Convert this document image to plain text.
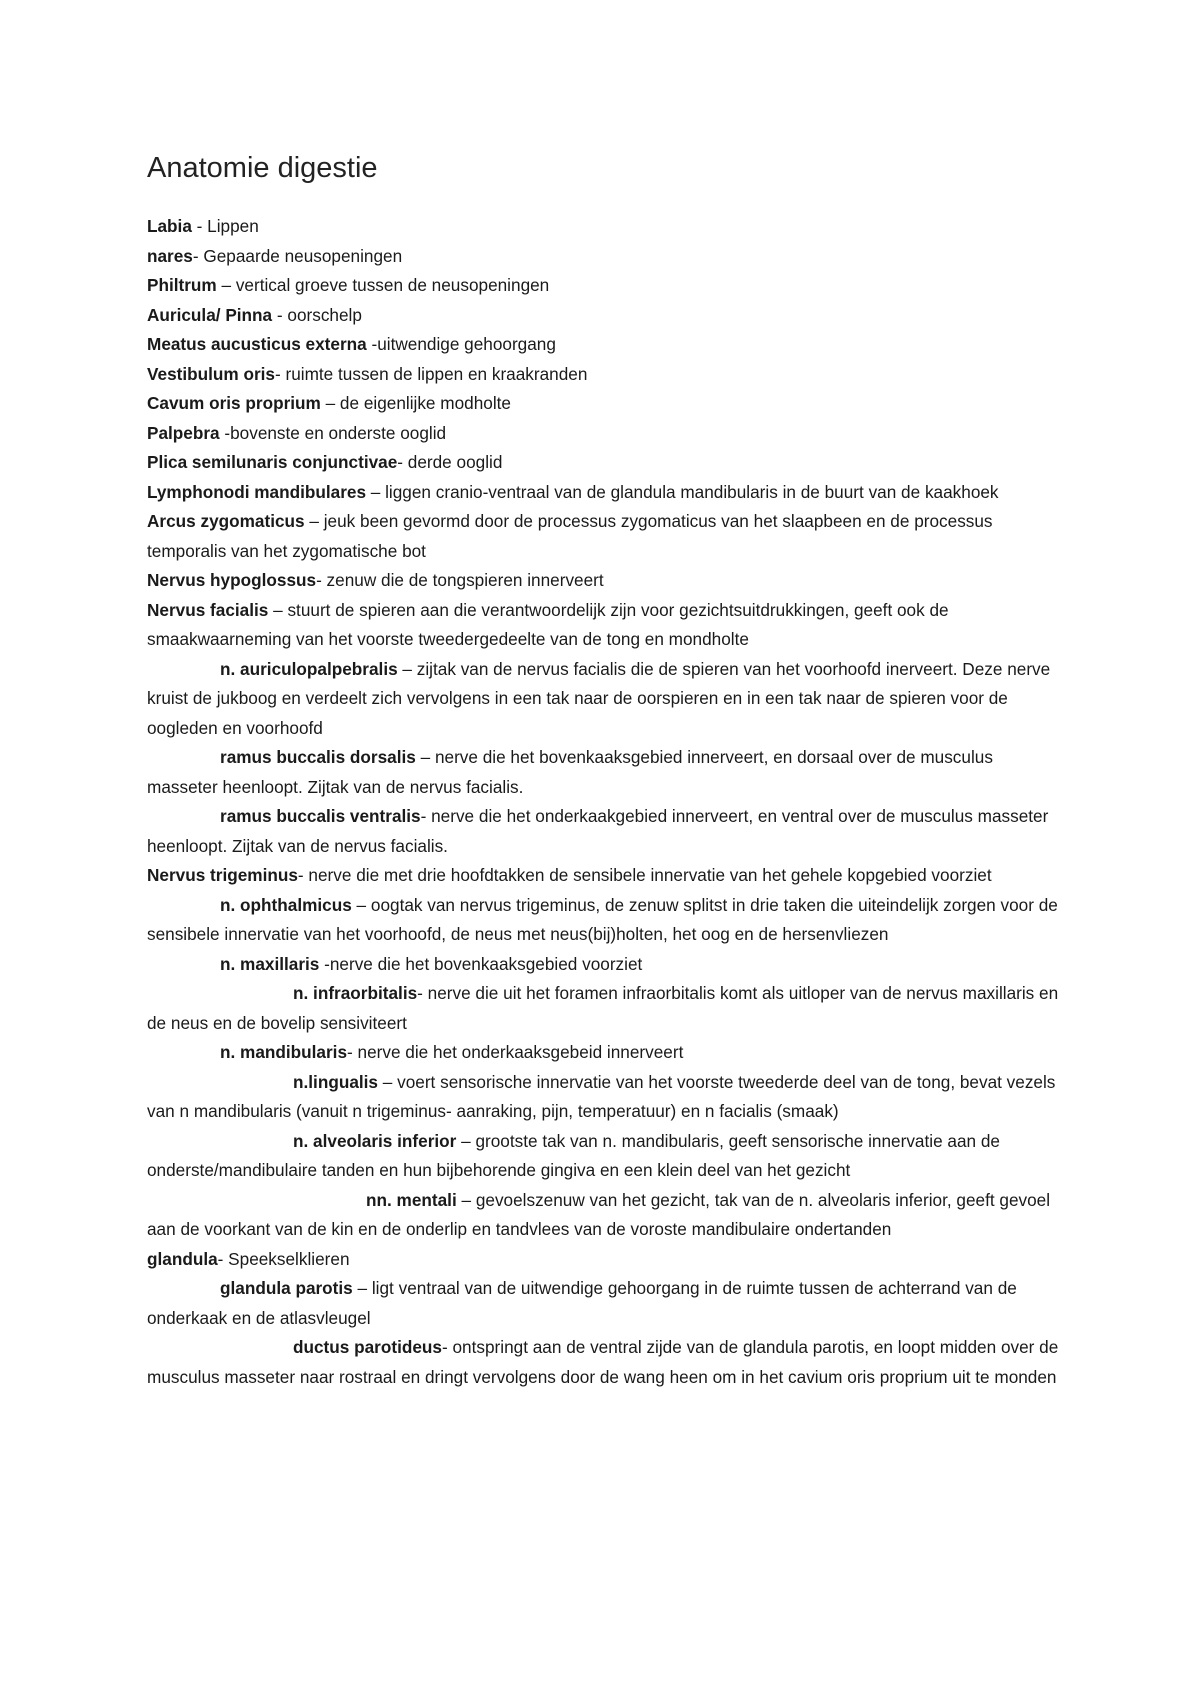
Anatomie digestie

Labia - Lippen

nares- Gepaarde neusopeningen

Philtrum – vertical groeve tussen de neusopeningen

Auricula/ Pinna - oorschelp

Meatus aucusticus externa -uitwendige gehoorgang

Vestibulum oris- ruimte tussen de lippen en kraakranden

Cavum oris proprium – de eigenlijke modholte

Palpebra -bovenste en onderste ooglid

Plica semilunaris conjunctivae- derde ooglid

Lymphonodi mandibulares – liggen cranio-ventraal van de glandula mandibularis in de buurt van de kaakhoek

Arcus zygomaticus – jeuk been gevormd door de processus zygomaticus van het slaapbeen en de processus temporalis van het zygomatische bot

Nervus hypoglossus- zenuw die de tongspieren innerveert

Nervus facialis – stuurt de spieren aan die verantwoordelijk zijn voor gezichtsuitdrukkingen, geeft ook de smaakwaarneming van het voorste tweedergedeelte van de tong en mondholte

n. auriculopalpebralis – zijtak van de nervus facialis die de spieren van het voorhoofd inerveert. Deze nerve kruist de jukboog en verdeelt zich vervolgens in een tak naar de oorspieren en in een tak naar de spieren voor de oogleden en voorhoofd

ramus buccalis dorsalis – nerve die het bovenkaaksgebied innerveert, en dorsaal over de musculus masseter heenloopt. Zijtak van de nervus facialis.

ramus buccalis ventralis- nerve die het onderkaakgebied innerveert, en ventral over de musculus masseter heenloopt. Zijtak van de nervus facialis.

Nervus trigeminus- nerve die met drie hoofdtakken de sensibele innervatie van het gehele kopgebied voorziet

n. ophthalmicus – oogtak van nervus trigeminus, de zenuw splitst in drie taken die uiteindelijk zorgen voor de sensibele innervatie van het voorhoofd, de neus met neus(bij)holten, het oog en de hersenvliezen

n. maxillaris -nerve die het bovenkaaksgebied voorziet

n. infraorbitalis- nerve die uit het foramen infraorbitalis komt als uitloper van de nervus maxillaris en de neus en de bovelip sensiviteert

n. mandibularis- nerve die het onderkaaksgebeid innerveert

n.lingualis – voert sensorische innervatie van het voorste tweederde deel van de tong, bevat vezels van n mandibularis (vanuit n trigeminus- aanraking, pijn, temperatuur) en n facialis (smaak)

n. alveolaris inferior – grootste tak van n. mandibularis, geeft sensorische innervatie aan de onderste/mandibulaire tanden en hun bijbehorende gingiva en een klein deel van het gezicht

nn. mentali – gevoelszenuw van het gezicht, tak van de n. alveolaris inferior, geeft gevoel aan de voorkant van de kin en de onderlip en tandvlees van de voroste mandibulaire ondertanden

glandula- Speekselklieren

glandula parotis – ligt ventraal van de uitwendige gehoorgang in de ruimte tussen de achterrand van de onderkaak en de atlasvleugel

ductus parotideus- ontspringt aan de ventral zijde van de glandula parotis, en loopt midden over de musculus masseter naar rostraal en dringt vervolgens door de wang heen om in het cavium oris proprium uit te monden
